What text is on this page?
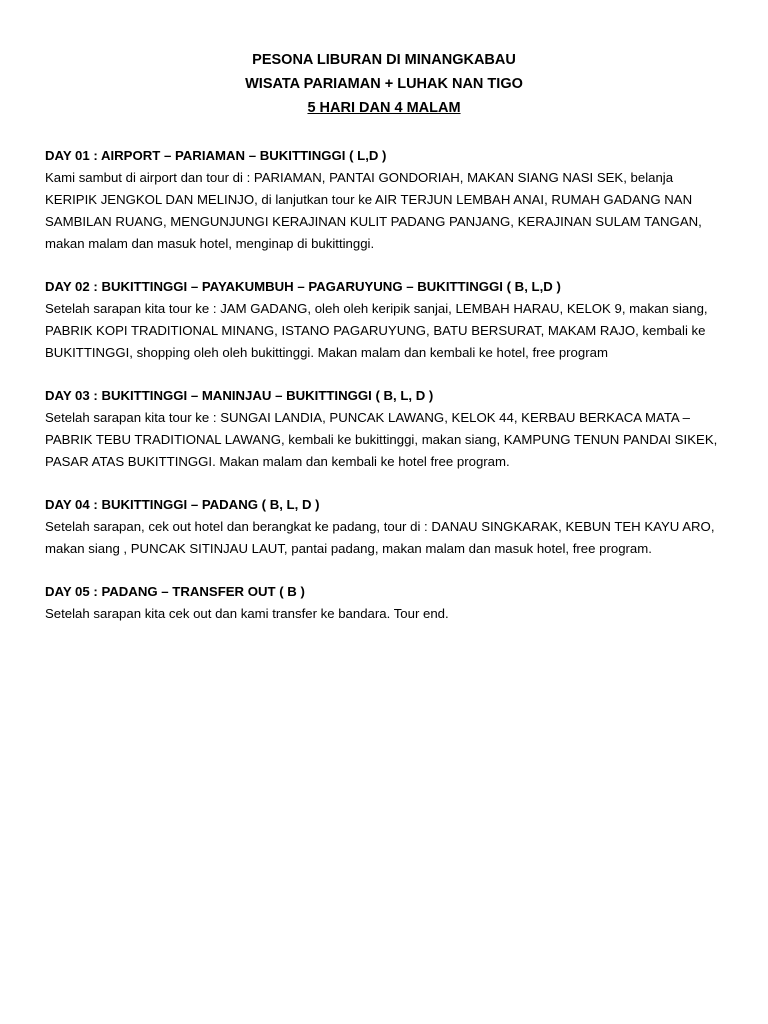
PESONA LIBURAN DI MINANGKABAU
WISATA PARIAMAN + LUHAK NAN TIGO
5 HARI DAN 4 MALAM
DAY 01 : AIRPORT – PARIAMAN – BUKITTINGGI ( L,D )
Kami sambut di airport dan tour di : PARIAMAN, PANTAI GONDORIAH, MAKAN SIANG NASI SEK, belanja
KERIPIK JENGKOL DAN MELINJO, di lanjutkan tour ke AIR TERJUN LEMBAH ANAI, RUMAH GADANG NAN
SAMBILAN RUANG, MENGUNJUNGI KERAJINAN KULIT PADANG PANJANG, KERAJINAN SULAM TANGAN,
makan malam dan masuk hotel, menginap di bukittinggi.
DAY 02 : BUKITTINGGI – PAYAKUMBUH – PAGARUYUNG – BUKITTINGGI ( B, L,D )
Setelah sarapan kita tour ke : JAM GADANG, oleh oleh keripik sanjai, LEMBAH HARAU, KELOK 9, makan siang,
PABRIK KOPI TRADITIONAL MINANG, ISTANO PAGARUYUNG, BATU BERSURAT, MAKAM RAJO, kembali ke
BUKITTINGGI, shopping oleh oleh bukittinggi. Makan malam dan kembali ke hotel, free program
DAY 03 : BUKITTINGGI – MANINJAU – BUKITTINGGI ( B, L, D )
Setelah sarapan kita tour ke : SUNGAI LANDIA, PUNCAK LAWANG, KELOK 44, KERBAU BERKACA MATA –
PABRIK TEBU TRADITIONAL LAWANG, kembali ke bukittinggi, makan siang, KAMPUNG TENUN PANDAI SIKEK,
PASAR ATAS BUKITTINGGI. Makan malam dan kembali ke hotel free program.
DAY 04 : BUKITTINGGI – PADANG ( B, L, D )
Setelah sarapan, cek out hotel dan berangkat ke padang, tour di : DANAU SINGKARAK, KEBUN TEH KAYU ARO,
makan siang , PUNCAK SITINJAU LAUT, pantai padang, makan malam dan masuk hotel, free program.
DAY 05 : PADANG – TRANSFER OUT ( B )
Setelah sarapan kita cek out dan kami transfer ke bandara. Tour end.
